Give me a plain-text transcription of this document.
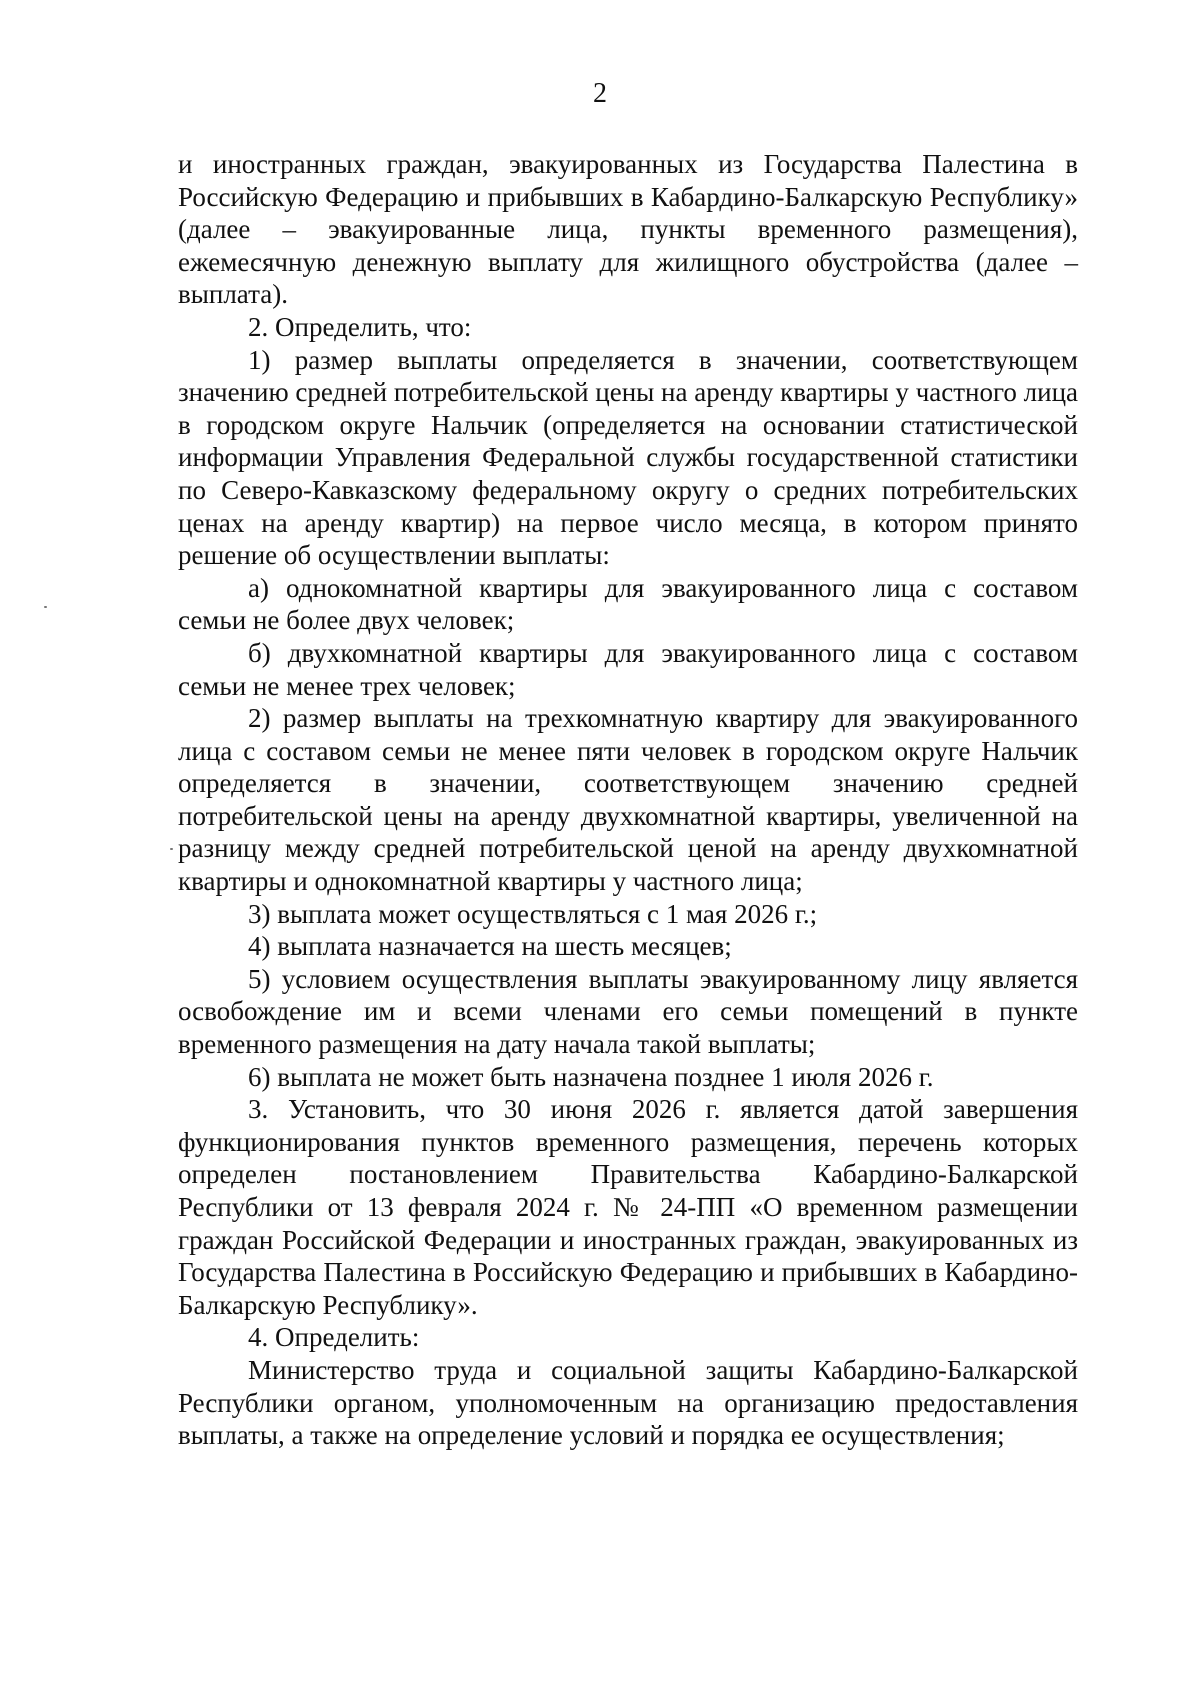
2

и иностранных граждан, эвакуированных из Государства Палестина в Российскую Федерацию и прибывших в Кабардино-Балкарскую Республику» (далее – эвакуированные лица, пункты временного размещения), ежемесячную денежную выплату для жилищного обустройства (далее – выплата).

2. Определить, что:

1) размер выплаты определяется в значении, соответствующем значению средней потребительской цены на аренду квартиры у частного лица в городском округе Нальчик (определяется на основании статистической информации Управления Федеральной службы государственной статистики по Северо-Кавказскому федеральному округу о средних потребительских ценах на аренду квартир) на первое число месяца, в котором принято решение об осуществлении выплаты:

а) однокомнатной квартиры для эвакуированного лица с составом семьи не более двух человек;

б) двухкомнатной квартиры для эвакуированного лица с составом семьи не менее трех человек;

2) размер выплаты на трехкомнатную квартиру для эвакуированного лица с составом семьи не менее пяти человек в городском округе Нальчик определяется в значении, соответствующем значению средней потребительской цены на аренду двухкомнатной квартиры, увеличенной на разницу между средней потребительской ценой на аренду двухкомнатной квартиры и однокомнатной квартиры у частного лица;

3) выплата может осуществляться с 1 мая 2026 г.;

4) выплата назначается на шесть месяцев;

5) условием осуществления выплаты эвакуированному лицу является освобождение им и всеми членами его семьи помещений в пункте временного размещения на дату начала такой выплаты;

6) выплата не может быть назначена позднее 1 июля 2026 г.

3. Установить, что 30 июня 2026 г. является датой завершения функционирования пунктов временного размещения, перечень которых определен постановлением Правительства Кабардино-Балкарской Республики от 13 февраля 2024 г. № 24-ПП «О временном размещении граждан Российской Федерации и иностранных граждан, эвакуированных из Государства Палестина в Российскую Федерацию и прибывших в Кабардино-Балкарскую Республику».

4. Определить:

Министерство труда и социальной защиты Кабардино-Балкарской Республики органом, уполномоченным на организацию предоставления выплаты, а также на определение условий и порядка ее осуществления;
